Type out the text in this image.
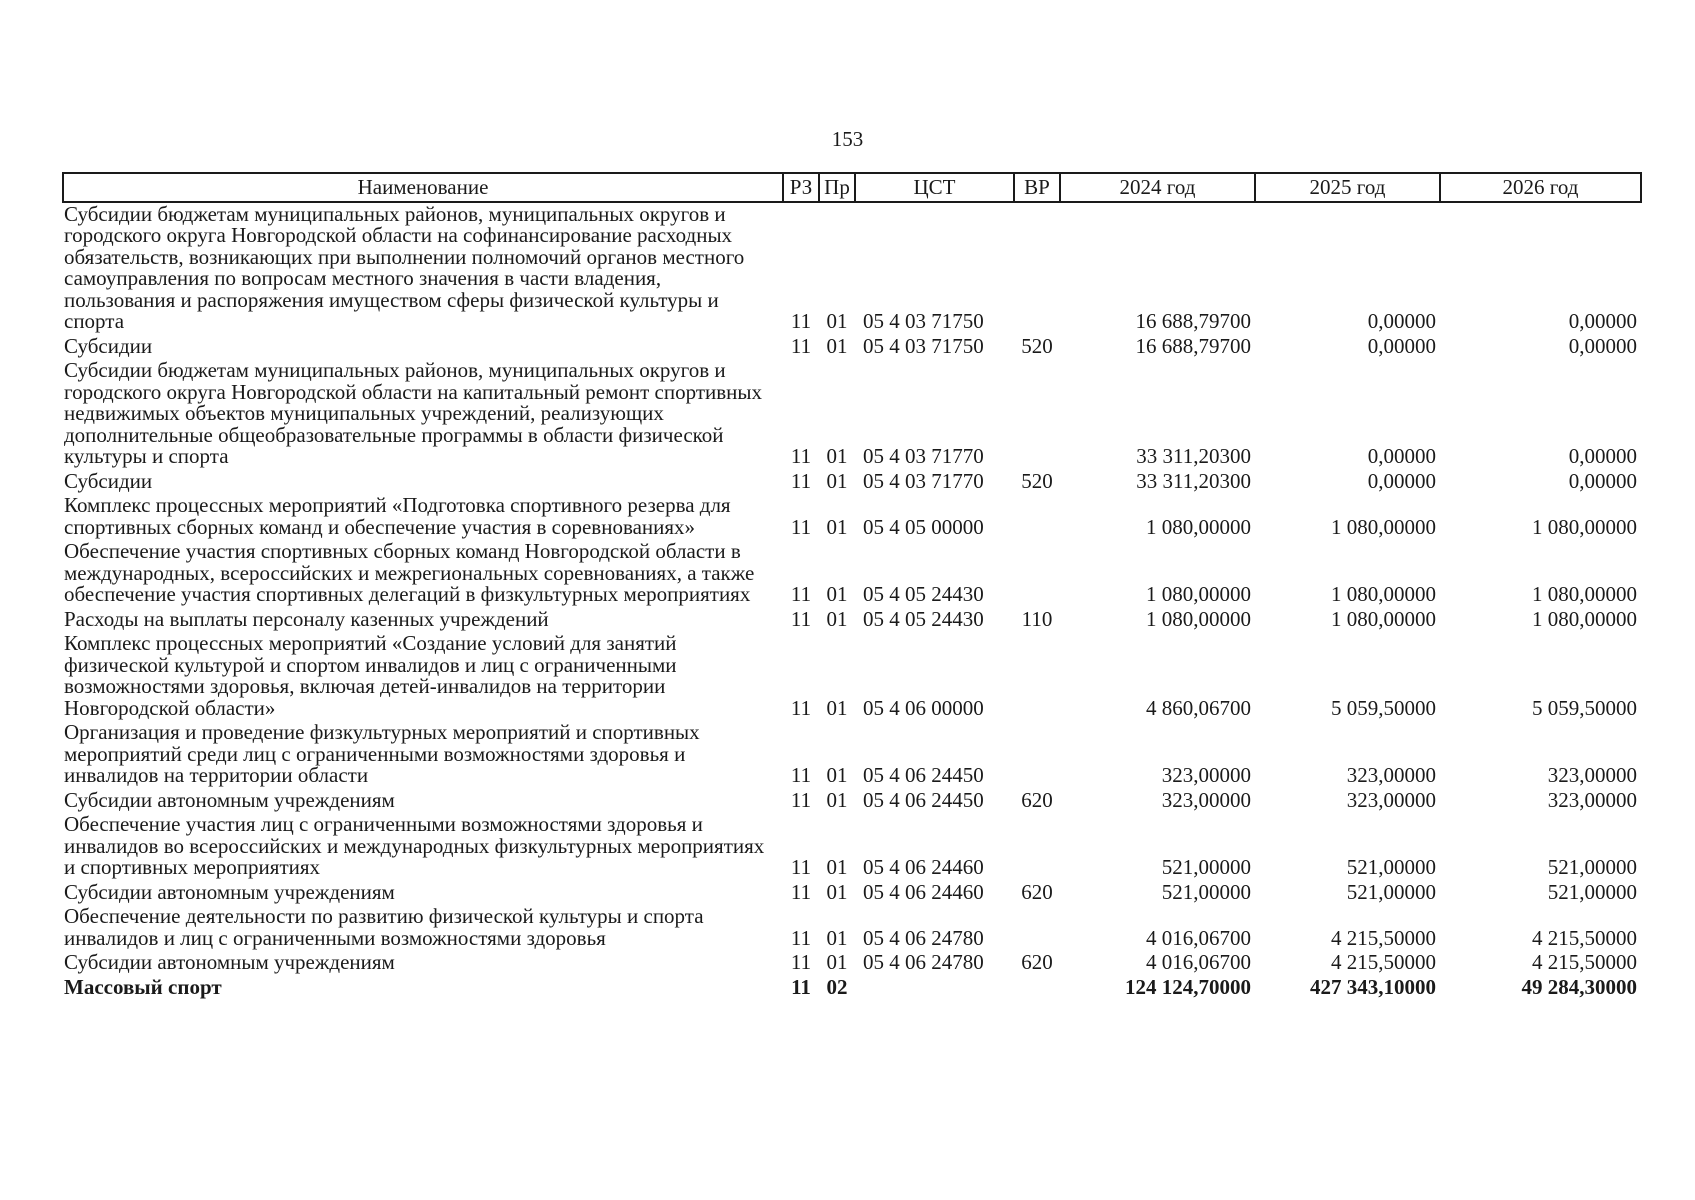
153
Наименование	РЗ	Пр	ЦСТ	ВР	2024 год	2025 год	2026 год
Субсидии бюджетам муниципальных районов, муниципальных округов и городского округа Новгородской области на софинансирование расходных обязательств, возникающих при выполнении полномочий органов местного самоуправления по вопросам местного значения в части владения, пользования и распоряжения имуществом сферы физической культуры и спорта	11	01	05 4 03 71750		16 688,79700	0,00000	0,00000
Субсидии	11	01	05 4 03 71750	520	16 688,79700	0,00000	0,00000
Субсидии бюджетам муниципальных районов, муниципальных округов и городского округа Новгородской области на капитальный ремонт спортивных недвижимых объектов муниципальных учреждений, реализующих дополнительные общеобразовательные программы в области физической культуры и спорта	11	01	05 4 03 71770		33 311,20300	0,00000	0,00000
Субсидии	11	01	05 4 03 71770	520	33 311,20300	0,00000	0,00000
Комплекс процессных мероприятий «Подготовка спортивного резерва для спортивных сборных команд и обеспечение участия в соревнованиях»	11	01	05 4 05 00000		1 080,00000	1 080,00000	1 080,00000
Обеспечение участия спортивных сборных команд Новгородской области в международных, всероссийских и межрегиональных соревнованиях, а также обеспечение участия спортивных делегаций в физкультурных мероприятиях	11	01	05 4 05 24430		1 080,00000	1 080,00000	1 080,00000
Расходы на выплаты персоналу казенных учреждений	11	01	05 4 05 24430	110	1 080,00000	1 080,00000	1 080,00000
Комплекс процессных мероприятий «Создание условий для занятий физической культурой и спортом инвалидов и лиц с ограниченными возможностями здоровья, включая детей-инвалидов на территории Новгородской области»	11	01	05 4 06 00000		4 860,06700	5 059,50000	5 059,50000
Организация и проведение физкультурных мероприятий и спортивных мероприятий среди лиц с ограниченными возможностями здоровья и инвалидов на территории области	11	01	05 4 06 24450		323,00000	323,00000	323,00000
Субсидии автономным учреждениям	11	01	05 4 06 24450	620	323,00000	323,00000	323,00000
Обеспечение участия лиц с ограниченными возможностями здоровья и инвалидов во всероссийских и международных физкультурных мероприятиях и спортивных мероприятиях	11	01	05 4 06 24460		521,00000	521,00000	521,00000
Субсидии автономным учреждениям	11	01	05 4 06 24460	620	521,00000	521,00000	521,00000
Обеспечение деятельности по развитию физической культуры и спорта инвалидов и лиц с ограниченными возможностями здоровья	11	01	05 4 06 24780		4 016,06700	4 215,50000	4 215,50000
Субсидии автономным учреждениям	11	01	05 4 06 24780	620	4 016,06700	4 215,50000	4 215,50000
Массовый спорт	11	02			124 124,70000	427 343,10000	49 284,30000
